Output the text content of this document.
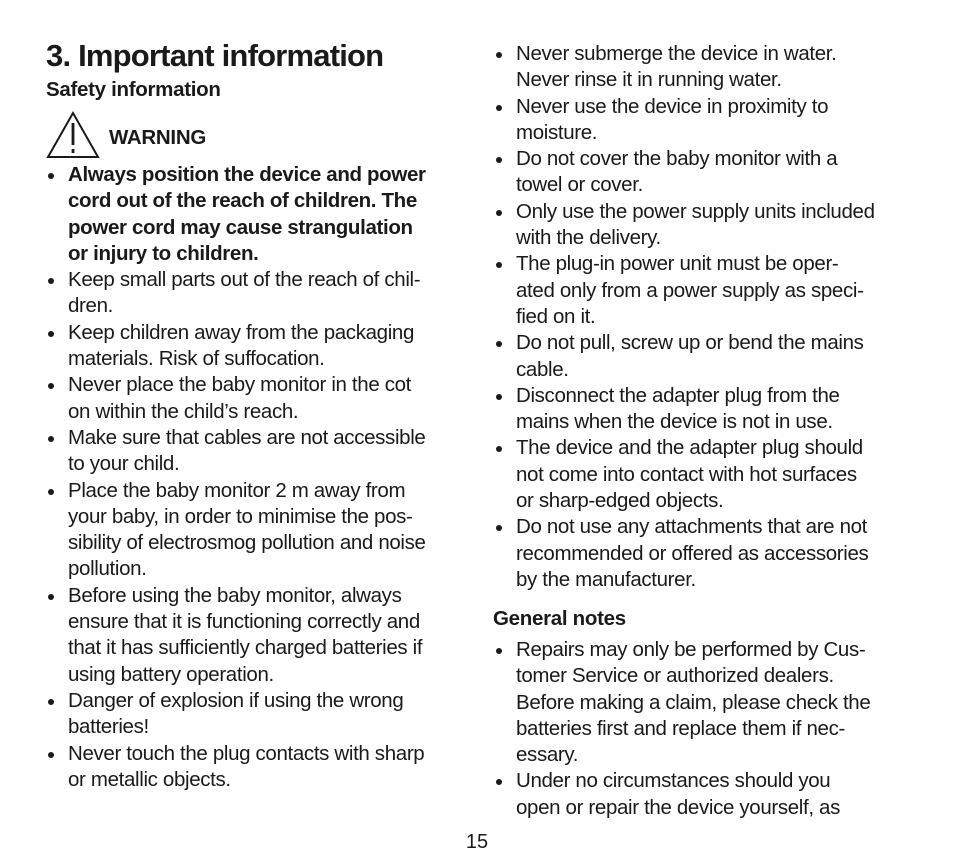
3. Important information
Safety information
WARNING
Always position the device and power
cord out of the reach of children. The
power cord may cause strangulation
or injury to children.
Keep small parts out of the reach of chil-
dren.
Keep children away from the packaging
materials. Risk of suffocation.
Never place the baby monitor in the cot
on within the child’s reach.
Make sure that cables are not accessible
to your child.
Place the baby monitor 2 m away from
your baby, in order to minimise the pos-
sibility of electrosmog pollution and noise
pollution.
Before using the baby monitor, always
ensure that it is functioning correctly and
that it has sufficiently charged batteries if
using battery operation.
Danger of explosion if using the wrong
batteries!
Never touch the plug contacts with sharp
or metallic objects.
Never submerge the device in water.
Never rinse it in running water.
Never use the device in proximity to
moisture.
Do not cover the baby monitor with a
towel or cover.
Only use the power supply units included
with the delivery.
The plug-in power unit must be oper-
ated only from a power supply as speci-
fied on it.
Do not pull, screw up or bend the mains
cable.
Disconnect the adapter plug from the
mains when the device is not in use.
The device and the adapter plug should
not come into contact with hot surfaces
or sharp-edged objects.
Do not use any attachments that are not
recommended or offered as accessories
by the manufacturer.
General notes
Repairs may only be performed by Cus-
tomer Service or authorized dealers.
Before making a claim, please check the
batteries first and replace them if nec-
essary.
Under no circumstances should you
open or repair the device yourself, as
15
